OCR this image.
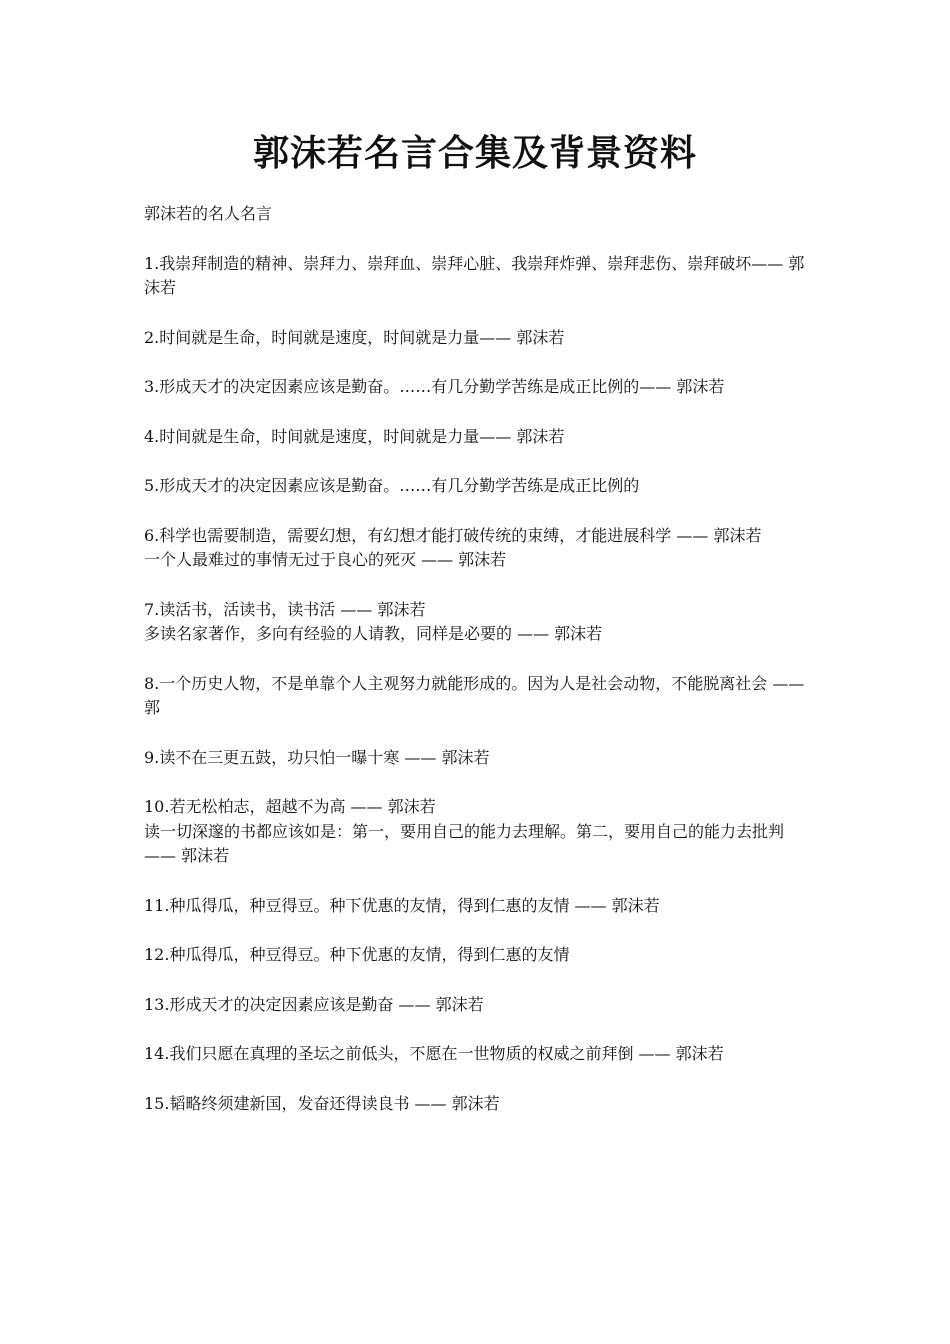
郭沫若名言合集及背景资料
郭沫若的名人名言
1.我崇拜制造的精神、崇拜力、崇拜血、崇拜心脏、我崇拜炸弹、崇拜悲伤、崇拜破坏—— 郭沫若
2.时间就是生命，时间就是速度，时间就是力量—— 郭沫若
3.形成天才的决定因素应该是勤奋。……有几分勤学苦练是成正比例的—— 郭沫若
4.时间就是生命，时间就是速度，时间就是力量—— 郭沫若
5.形成天才的决定因素应该是勤奋。……有几分勤学苦练是成正比例的
6.科学也需要制造，需要幻想，有幻想才能打破传统的束缚，才能进展科学 —— 郭沫若
一个人最难过的事情无过于良心的死灭 —— 郭沫若
7.读活书，活读书，读书活 —— 郭沫若
多读名家著作，多向有经验的人请教，同样是必要的 —— 郭沫若
8.一个历史人物，不是单靠个人主观努力就能形成的。因为人是社会动物，不能脱离社会 —— 郭
9.读不在三更五鼓，功只怕一曝十寒 —— 郭沫若
10.若无松柏志，超越不为高 —— 郭沫若
读一切深邃的书都应该如是：第一，要用自己的能力去理解。第二，要用自己的能力去批判 —— 郭沫若
11.种瓜得瓜，种豆得豆。种下优惠的友情，得到仁惠的友情 —— 郭沫若
12.种瓜得瓜，种豆得豆。种下优惠的友情，得到仁惠的友情
13.形成天才的决定因素应该是勤奋 —— 郭沫若
14.我们只愿在真理的圣坛之前低头，不愿在一世物质的权威之前拜倒 —— 郭沫若
15.韬略终须建新国，发奋还得读良书 —— 郭沫若
